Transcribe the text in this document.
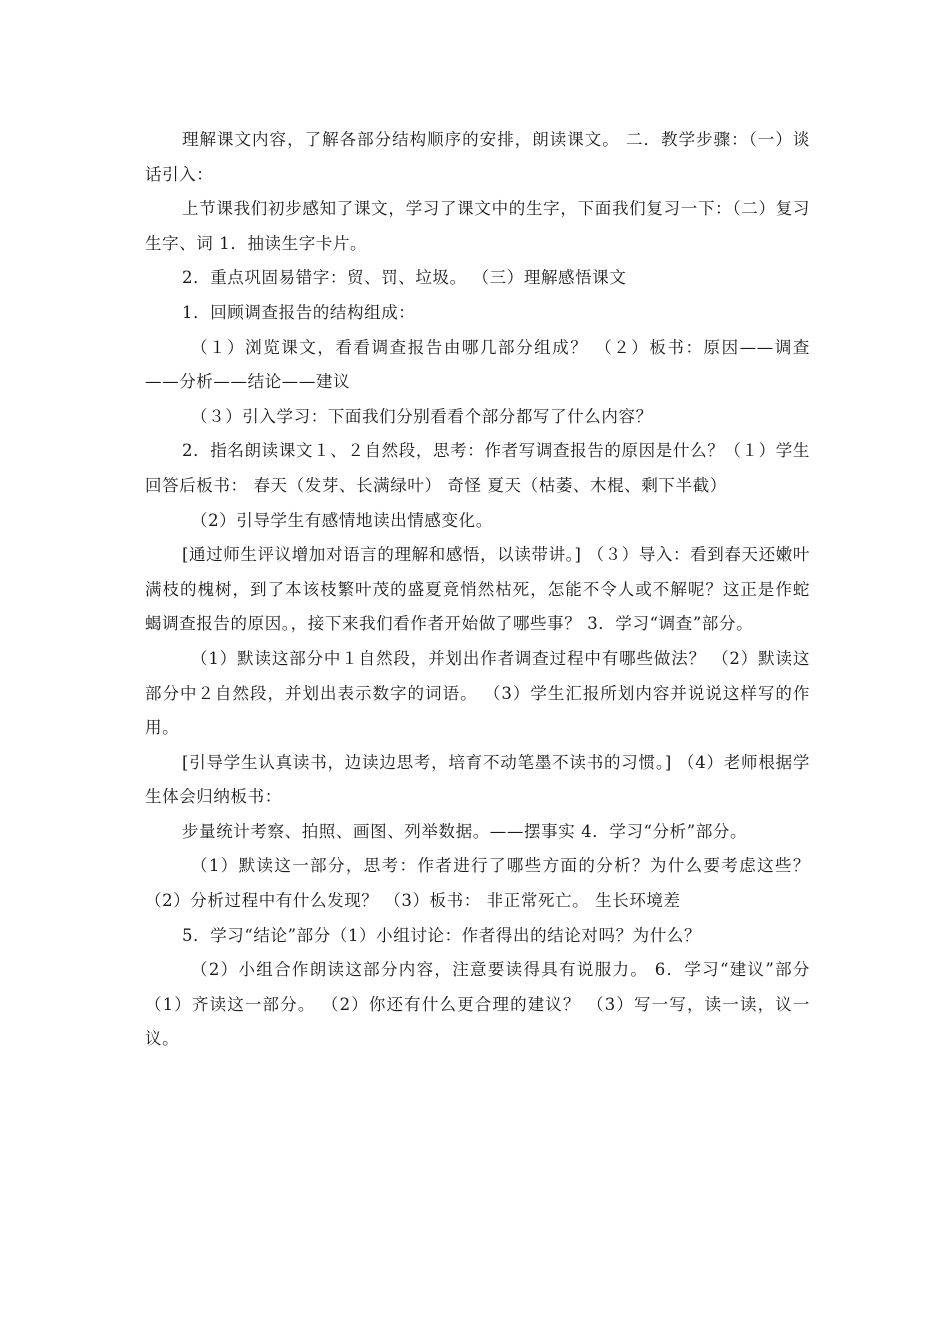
理解课文内容，了解各部分结构顺序的安排，朗读课文。 二．教学步骤：（一）谈话引入：

上节课我们初步感知了课文，学习了课文中的生字，下面我们复习一下：（二）复习生字、词 1．抽读生字卡片。

2．重点巩固易错字：贸、罚、垃圾。 （三）理解感悟课文

1．回顾调查报告的结构组成：

（１）浏览课文，看看调查报告由哪几部分组成？ （２）板书：原因——调查——分析——结论——建议

（３）引入学习：下面我们分别看看个部分都写了什么内容？

2．指名朗读课文１、２自然段，思考：作者写调查报告的原因是什么？（１）学生回答后板书： 春天（发芽、长满绿叶） 奇怪 夏天（枯萎、木棍、剩下半截）

（2）引导学生有感情地读出情感变化。

[通过师生评议增加对语言的理解和感悟，以读带讲。] （３）导入：看到春天还嫩叶满枝的槐树，到了本该枝繁叶茂的盛夏竟悄然枯死，怎能不令人或不解呢？这正是作蛇蝎调查报告的原因。，接下来我们看作者开始做了哪些事？ 3．学习“调查”部分。

（1）默读这部分中１自然段，并划出作者调查过程中有哪些做法？ （2）默读这部分中２自然段，并划出表示数字的词语。 （3）学生汇报所划内容并说说这样写的作用。

[引导学生认真读书，边读边思考，培育不动笔墨不读书的习惯。] （4）老师根据学生体会归纳板书：

步量统计考察、拍照、画图、列举数据。——摆事实 4．学习“分析”部分。

（1）默读这一部分，思考：作者进行了哪些方面的分析？为什么要考虑这些？ （2）分析过程中有什么发现？ （3）板书： 非正常死亡。 生长环境差

5．学习“结论”部分（1）小组讨论：作者得出的结论对吗？为什么？

（2）小组合作朗读这部分内容，注意要读得具有说服力。 6．学习“建议”部分 （1）齐读这一部分。 （2）你还有什么更合理的建议？ （3）写一写，读一读，议一议。
